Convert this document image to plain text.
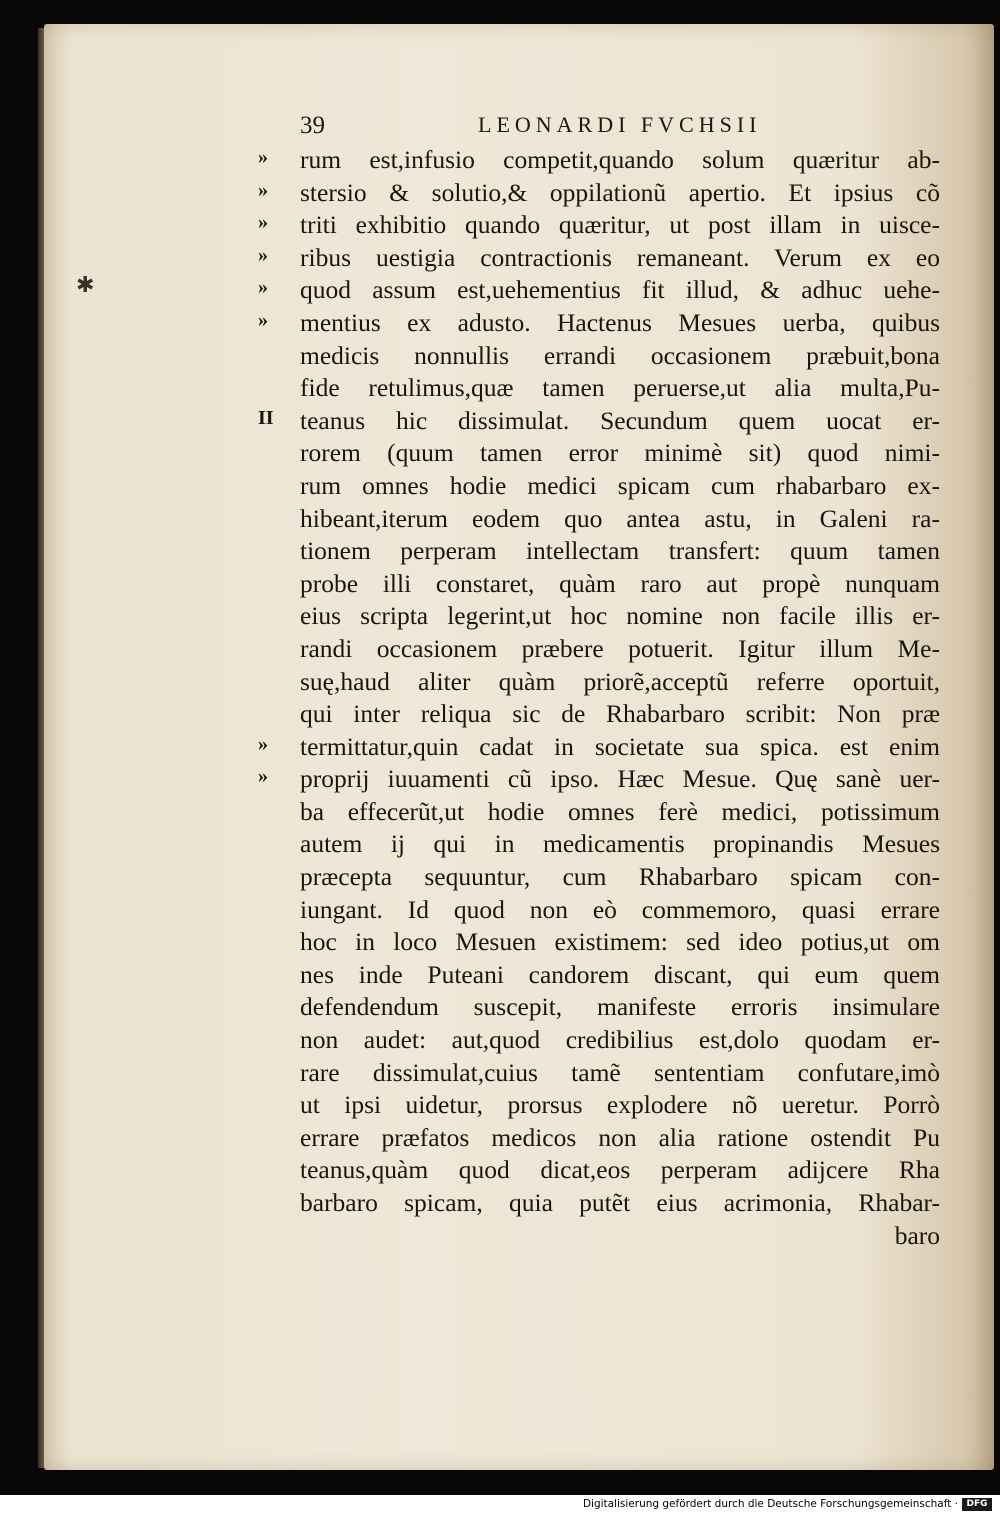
✱
39	LEONARDI FVCHSII
»
»
»
»
»
»
II
»
»
rum est,infusio competit,quando solum quæritur ab-
stersio & solutio,& oppilationũ apertio. Et ipsius cõ
triti exhibitio quando quæritur, ut post illam in uisce-
ribus uestigia contractionis remaneant. Verum ex eo
quod assum est,uehementius fit illud, & adhuc uehe-
mentius ex adusto. Hactenus Mesues uerba, quibus
medicis nonnullis errandi occasionem præbuit,bona
fide retulimus,quæ tamen peruerse,ut alia multa,Pu-
teanus hic dissimulat. Secundum quem uocat er-
rorem (quum tamen error minimè sit) quod nimi-
rum omnes hodie medici spicam cum rhabarbaro ex-
hibeant,iterum eodem quo antea astu, in Galeni ra-
tionem perperam intellectam transfert: quum tamen
probe illi constaret, quàm raro aut propè nunquam
eius scripta legerint,ut hoc nomine non facile illis er-
randi occasionem præbere potuerit. Igitur illum Me-
suę,haud aliter quàm priorẽ,acceptũ referre oportuit,
qui inter reliqua sic de Rhabarbaro scribit: Non præ
termittatur,quin cadat in societate sua spica. est enim
proprij iuuamenti cũ ipso. Hæc Mesue. Quę sanè uer-
ba effecerũt,ut hodie omnes ferè medici, potissimum
autem ij qui in medicamentis propinandis Mesues
præcepta sequuntur, cum Rhabarbaro spicam con-
iungant. Id quod non eò commemoro, quasi errare
hoc in loco Mesuen existimem: sed ideo potius,ut om
nes inde Puteani candorem discant, qui eum quem
defendendum suscepit, manifeste erroris insimulare
non audet: aut,quod credibilius est,dolo quodam er-
rare dissimulat,cuius tamẽ sententiam confutare,imò
ut ipsi uidetur, prorsus explodere nõ ueretur. Porrò
errare præfatos medicos non alia ratione ostendit Pu
teanus,quàm quod dicat,eos perperam adijcere Rha
barbaro spicam, quia putẽt eius acrimonia, Rhabar-
baro
Digitalisierung gefördert durch die Deutsche Forschungsgemeinschaft · DFG
